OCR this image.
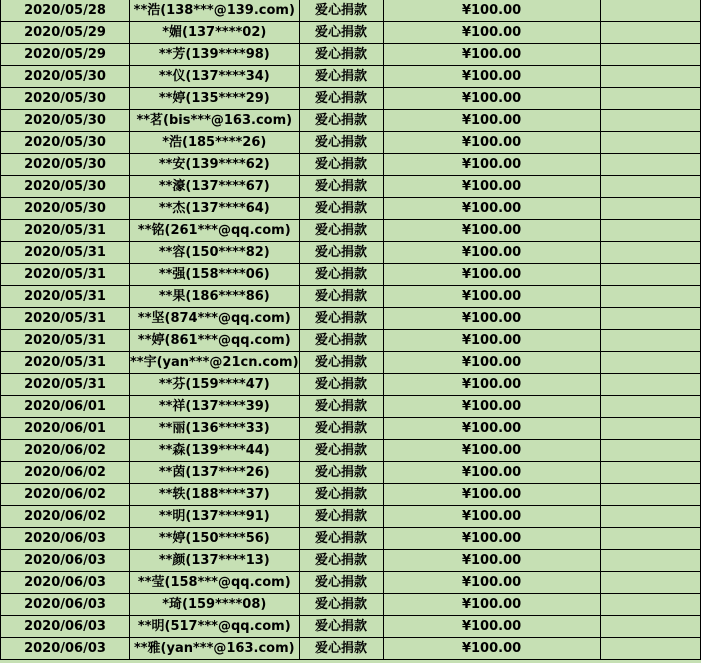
2020/05/28	**浩(138***@139.com)	爱心捐款	¥100.00	
2020/05/29	*媚(137****02)	爱心捐款	¥100.00	
2020/05/29	**芳(139****98)	爱心捐款	¥100.00	
2020/05/30	**仪(137****34)	爱心捐款	¥100.00	
2020/05/30	**婷(135****29)	爱心捐款	¥100.00	
2020/05/30	**茗(bis***@163.com)	爱心捐款	¥100.00	
2020/05/30	*浩(185****26)	爱心捐款	¥100.00	
2020/05/30	**安(139****62)	爱心捐款	¥100.00	
2020/05/30	**濠(137****67)	爱心捐款	¥100.00	
2020/05/30	**杰(137****64)	爱心捐款	¥100.00	
2020/05/31	**铭(261***@qq.com)	爱心捐款	¥100.00	
2020/05/31	**容(150****82)	爱心捐款	¥100.00	
2020/05/31	**强(158****06)	爱心捐款	¥100.00	
2020/05/31	**果(186****86)	爱心捐款	¥100.00	
2020/05/31	**坚(874***@qq.com)	爱心捐款	¥100.00	
2020/05/31	**婷(861***@qq.com)	爱心捐款	¥100.00	
2020/05/31	**宇(yan***@21cn.com)	爱心捐款	¥100.00	
2020/05/31	**芬(159****47)	爱心捐款	¥100.00	
2020/06/01	**祥(137****39)	爱心捐款	¥100.00	
2020/06/01	**丽(136****33)	爱心捐款	¥100.00	
2020/06/02	**森(139****44)	爱心捐款	¥100.00	
2020/06/02	**茵(137****26)	爱心捐款	¥100.00	
2020/06/02	**轶(188****37)	爱心捐款	¥100.00	
2020/06/02	**明(137****91)	爱心捐款	¥100.00	
2020/06/03	**婷(150****56)	爱心捐款	¥100.00	
2020/06/03	**颜(137****13)	爱心捐款	¥100.00	
2020/06/03	**莹(158***@qq.com)	爱心捐款	¥100.00	
2020/06/03	*琦(159****08)	爱心捐款	¥100.00	
2020/06/03	**明(517***@qq.com)	爱心捐款	¥100.00	
2020/06/03	**雅(yan***@163.com)	爱心捐款	¥100.00	
